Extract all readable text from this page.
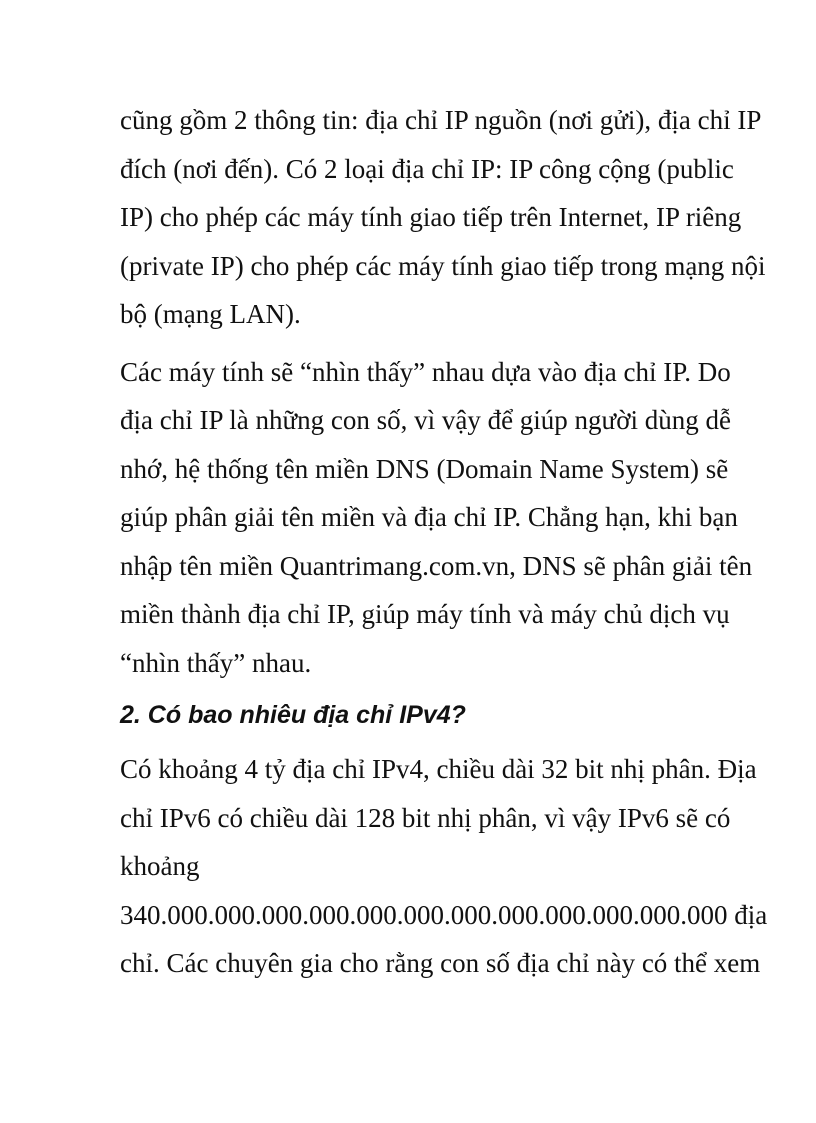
cũng gồm 2 thông tin: địa chỉ IP nguồn (nơi gửi), địa chỉ IP
đích (nơi đến). Có 2 loại địa chỉ IP: IP công cộng (public
IP) cho phép các máy tính giao tiếp trên Internet, IP riêng
(private IP) cho phép các máy tính giao tiếp trong mạng nội
bộ (mạng LAN).
Các máy tính sẽ “nhìn thấy” nhau dựa vào địa chỉ IP. Do
địa chỉ IP là những con số, vì vậy để giúp người dùng dễ
nhớ, hệ thống tên miền DNS (Domain Name System) sẽ
giúp phân giải tên miền và địa chỉ IP. Chẳng hạn, khi bạn
nhập tên miền Quantrimang.com.vn, DNS sẽ phân giải tên
miền thành địa chỉ IP, giúp máy tính và máy chủ dịch vụ
“nhìn thấy” nhau.
2. Có bao nhiêu địa chỉ IPv4?
Có khoảng 4 tỷ địa chỉ IPv4, chiều dài 32 bit nhị phân. Địa
chỉ IPv6 có chiều dài 128 bit nhị phân, vì vậy IPv6 sẽ có
khoảng
340.000.000.000.000.000.000.000.000.000.000.000.000 địa
chỉ. Các chuyên gia cho rằng con số địa chỉ này có thể xem
